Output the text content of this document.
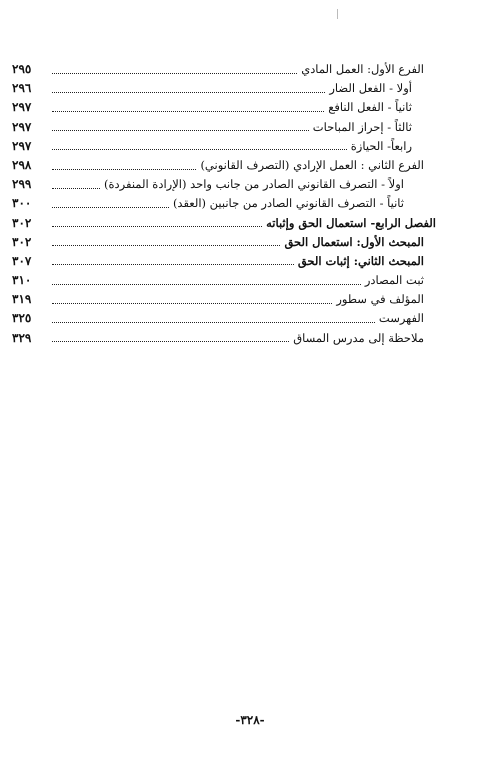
الفرع الأول: العمل المادي
٢٩٥
أولا - الفعل الضار
٢٩٦
ثانياً - الفعل النافع
٢٩٧
ثالثاً - إحراز المباحات
٢٩٧
رابعاً- الحيازة
٢٩٧
الفرع الثاني : العمل الإرادي (التصرف القانوني)
٢٩٨
اولاً - التصرف القانوني الصادر من جانب واحد (الإرادة المنفردة)
٢٩٩
ثانياً - التصرف القانوني الصادر من جانبين (العقد)
٣٠٠
الفصل الرابع- استعمال الحق وإثباته
٣٠٢
المبحث الأول: استعمال الحق
٣٠٢
المبحث الثاني: إثبات الحق
٣٠٧
ثبت المصادر
٣١٠
المؤلف في سطور
٣١٩
الفهرست
٣٢٥
ملاحظة إلى مدرس المساق
٣٢٩
-٣٢٨-
